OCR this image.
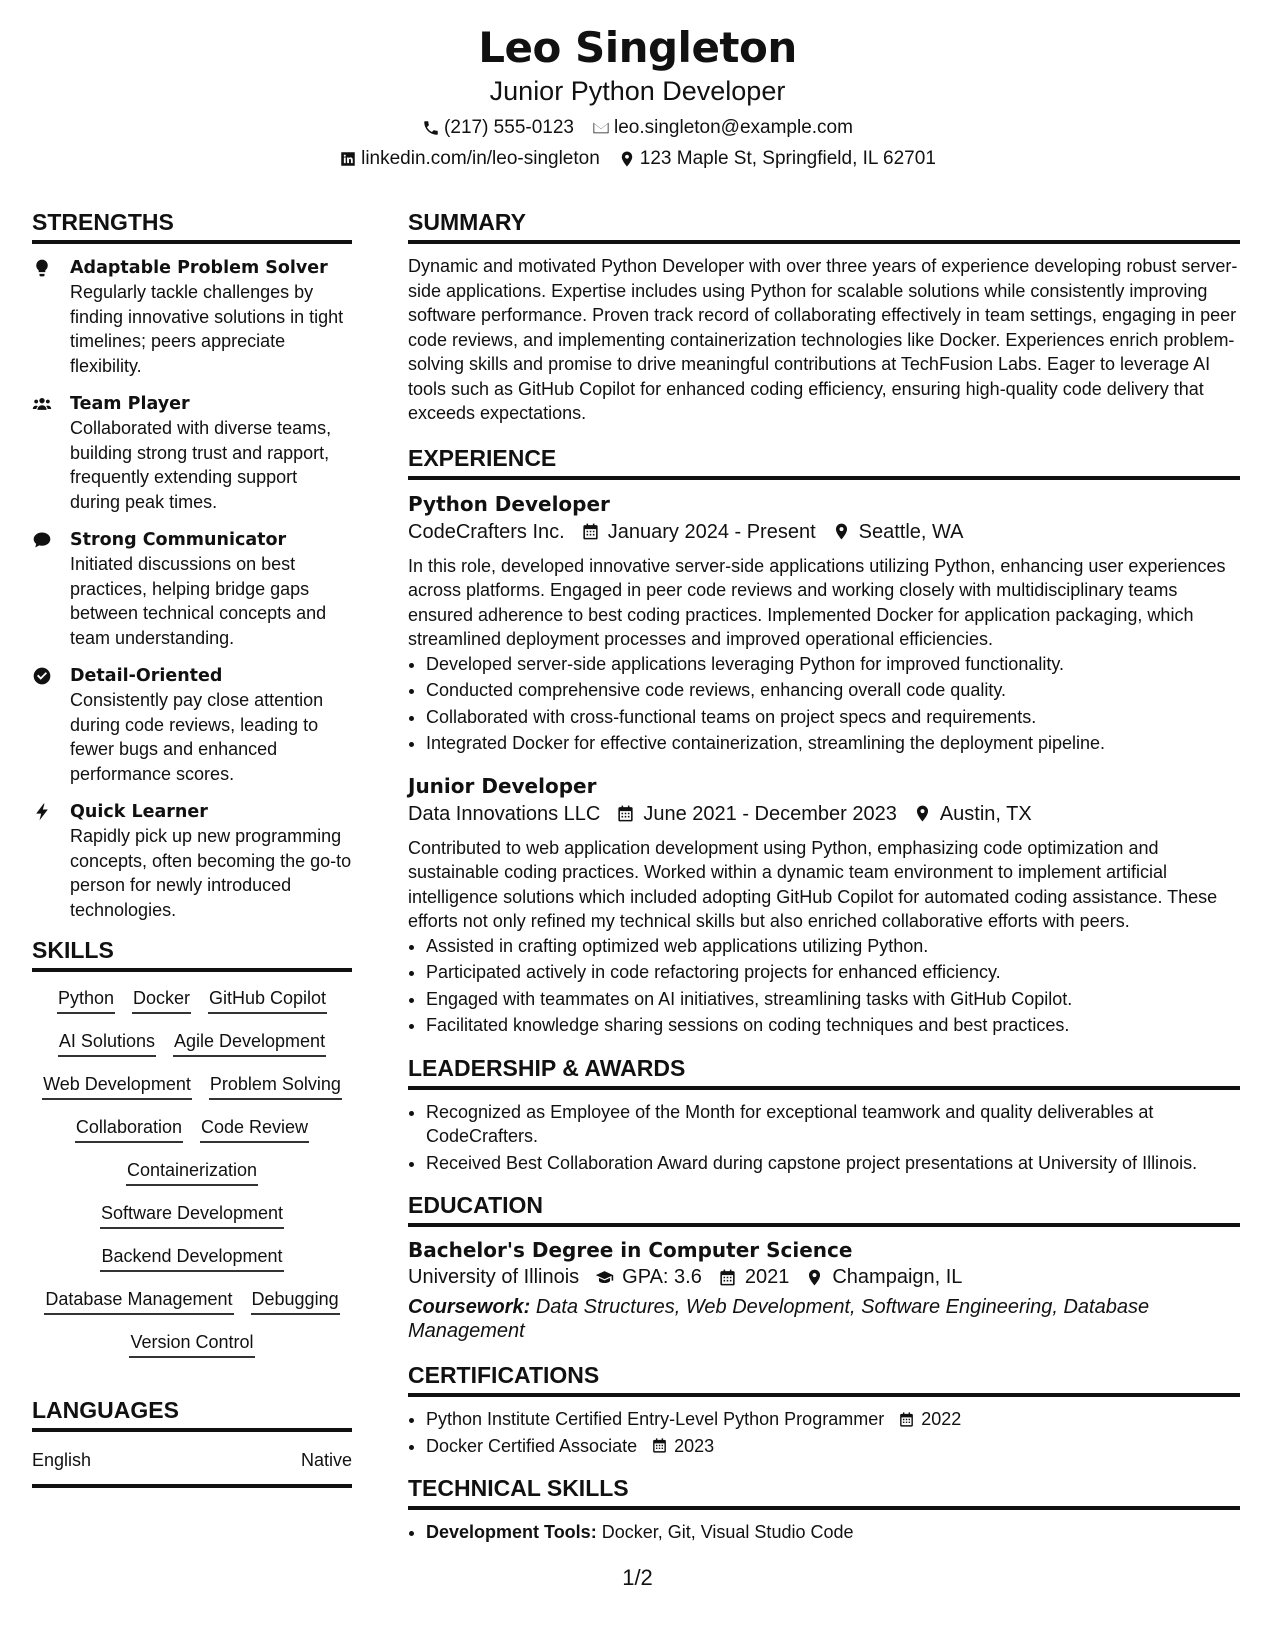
Leo Singleton
Junior Python Developer
(217) 555-0123 leo.singleton@example.com
linkedin.com/in/leo-singleton 123 Maple St, Springfield, IL 62701
STRENGTHS
Adaptable Problem Solver
Regularly tackle challenges by finding innovative solutions in tight timelines; peers appreciate flexibility.
Team Player
Collaborated with diverse teams, building strong trust and rapport, frequently extending support during peak times.
Strong Communicator
Initiated discussions on best practices, helping bridge gaps between technical concepts and team understanding.
Detail-Oriented
Consistently pay close attention during code reviews, leading to fewer bugs and enhanced performance scores.
Quick Learner
Rapidly pick up new programming concepts, often becoming the go-to person for newly introduced technologies.
SKILLS
Python Docker GitHub Copilot
AI Solutions Agile Development
Web Development Problem Solving
Collaboration Code Review
Containerization
Software Development
Backend Development
Database Management Debugging
Version Control
LANGUAGES
English	Native
SUMMARY
Dynamic and motivated Python Developer with over three years of experience developing robust server-side applications. Expertise includes using Python for scalable solutions while consistently improving software performance. Proven track record of collaborating effectively in team settings, engaging in peer code reviews, and implementing containerization technologies like Docker. Experiences enrich problem-solving skills and promise to drive meaningful contributions at TechFusion Labs. Eager to leverage AI tools such as GitHub Copilot for enhanced coding efficiency, ensuring high-quality code delivery that exceeds expectations.
EXPERIENCE
Python Developer
CodeCrafters Inc. January 2024 - Present Seattle, WA
In this role, developed innovative server-side applications utilizing Python, enhancing user experiences across platforms. Engaged in peer code reviews and working closely with multidisciplinary teams ensured adherence to best coding practices. Implemented Docker for application packaging, which streamlined deployment processes and improved operational efficiencies.
• Developed server-side applications leveraging Python for improved functionality.
• Conducted comprehensive code reviews, enhancing overall code quality.
• Collaborated with cross-functional teams on project specs and requirements.
• Integrated Docker for effective containerization, streamlining the deployment pipeline.
Junior Developer
Data Innovations LLC June 2021 - December 2023 Austin, TX
Contributed to web application development using Python, emphasizing code optimization and sustainable coding practices. Worked within a dynamic team environment to implement artificial intelligence solutions which included adopting GitHub Copilot for automated coding assistance. These efforts not only refined my technical skills but also enriched collaborative efforts with peers.
• Assisted in crafting optimized web applications utilizing Python.
• Participated actively in code refactoring projects for enhanced efficiency.
• Engaged with teammates on AI initiatives, streamlining tasks with GitHub Copilot.
• Facilitated knowledge sharing sessions on coding techniques and best practices.
LEADERSHIP & AWARDS
• Recognized as Employee of the Month for exceptional teamwork and quality deliverables at CodeCrafters.
• Received Best Collaboration Award during capstone project presentations at University of Illinois.
EDUCATION
Bachelor's Degree in Computer Science
University of Illinois GPA: 3.6 2021 Champaign, IL
Coursework: Data Structures, Web Development, Software Engineering, Database Management
CERTIFICATIONS
• Python Institute Certified Entry-Level Python Programmer 2022
• Docker Certified Associate 2023
TECHNICAL SKILLS
• Development Tools: Docker, Git, Visual Studio Code
1/2
